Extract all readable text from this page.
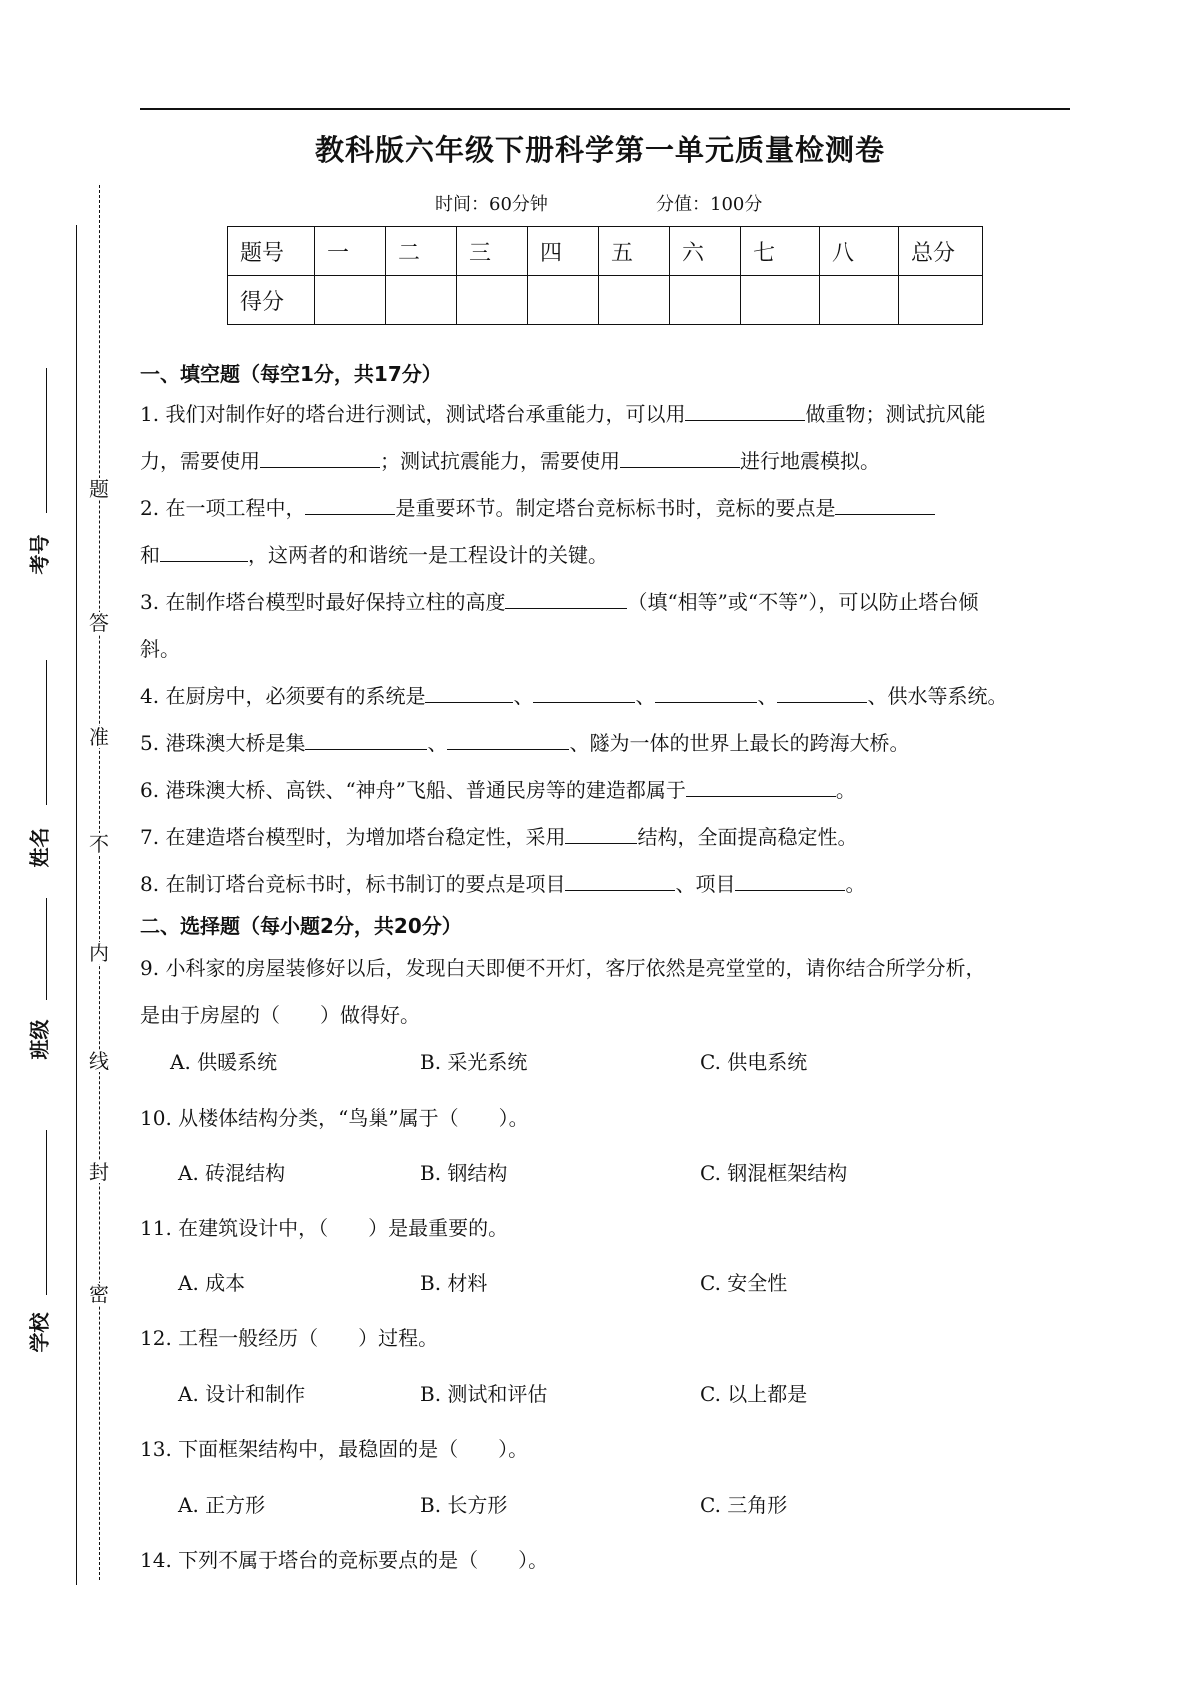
题
答
准
不
内
线
封
密
考号
姓名
班级
学校
教科版六年级下册科学第一单元质量检测卷
时间：60分钟	分值：100分
题号	一	二	三	四	五	六	七	八	总分
得分									
一、填空题（每空1分，共17分）
1. 我们对制作好的塔台进行测试，测试塔台承重能力，可以用	做重物；测试抗风能
力，需要使用	；测试抗震能力，需要使用	进行地震模拟。
2. 在一项工程中，	是重要环节。制定塔台竞标标书时，竞标的要点是
和	，这两者的和谐统一是工程设计的关键。
3. 在制作塔台模型时最好保持立柱的高度	（填“相等”或“不等”），可以防止塔台倾
斜。
4. 在厨房中，必须要有的系统是	、	、	、	、供水等系统。
5. 港珠澳大桥是集	、	、隧为一体的世界上最长的跨海大桥。
6. 港珠澳大桥、高铁、“神舟”飞船、普通民房等的建造都属于	。
7. 在建造塔台模型时，为增加塔台稳定性，采用	结构，全面提高稳定性。
8. 在制订塔台竞标书时，标书制订的要点是项目	、项目	。
二、选择题（每小题2分，共20分）
9. 小科家的房屋装修好以后，发现白天即便不开灯，客厅依然是亮堂堂的，请你结合所学分析，
是由于房屋的（　　）做得好。
A. 供暖系统	B. 采光系统	C. 供电系统
10. 从楼体结构分类，“鸟巢”属于（　　）。
A. 砖混结构	B. 钢结构	C. 钢混框架结构
11. 在建筑设计中，（　　）是最重要的。
A. 成本	B. 材料	C. 安全性
12. 工程一般经历（　　）过程。
A. 设计和制作	B. 测试和评估	C. 以上都是
13. 下面框架结构中，最稳固的是（　　）。
A. 正方形	B. 长方形	C. 三角形
14. 下列不属于塔台的竞标要点的是（　　）。
